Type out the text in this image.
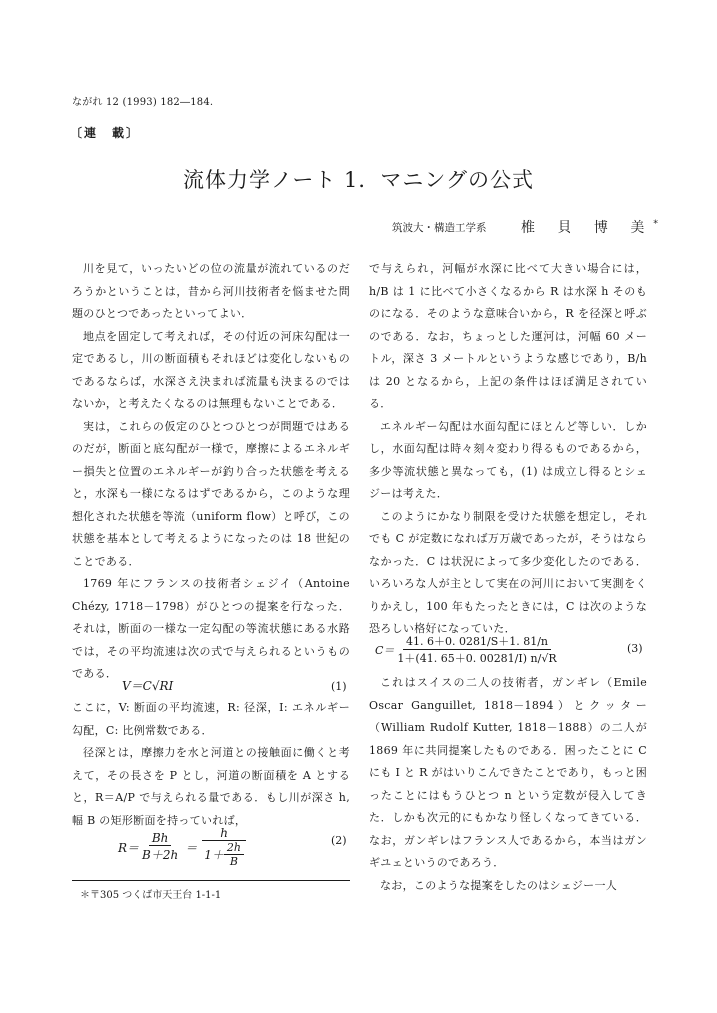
ながれ 12 (1993) 182―184.
〔連　載〕
流体力学ノート 1．マニングの公式
筑波大・構造工学系 椎 貝 博 美*

川を見て，いったいどの位の流量が流れているのだろうかということは，昔から河川技術者を悩ませた問題のひとつであったといってよい．

地点を固定して考えれば，その付近の河床勾配は一定であるし，川の断面積もそれほどは変化しないものであるならば，水深さえ決まれば流量も決まるのではないか，と考えたくなるのは無理もないことである．

実は，これらの仮定のひとつひとつが問題ではあるのだが，断面と底勾配が一様で，摩擦によるエネルギー損失と位置のエネルギーが釣り合った状態を考えると，水深も一様になるはずであるから，このような理想化された状態を等流（uniform flow）と呼び，この状態を基本として考えるようになったのは 18 世紀のことである．

1769 年にフランスの技術者シェジイ（Antoine Chézy, 1718－1798）がひとつの提案を行なった．それは，断面の一様な一定勾配の等流状態にある水路では，その平均流速は次の式で与えられるというものである．

V＝C√RI	(1)

ここに，V: 断面の平均流速，R: 径深，I: エネルギー勾配，C: 比例常数である．

径深とは，摩擦力を水と河道との接触面に働くと考えて，その長さを P とし，河道の断面積を A とすると，R＝A/P で与えられる量である．もし川が深さ h, 幅 B の矩形断面を持っていれば，

$R= \frac{Bh}{B+2h} = \frac{h}{1+ \frac{2h}{B}}$	(2)
＊〒305 つくば市天王台 1-1-1

で与えられ，河幅が水深に比べて大きい場合には，h/B は 1 に比べて小さくなるから R は水深 h そのものになる．そのような意味合いから，R を径深と呼ぶのである．なお，ちょっとした運河は，河幅 60 メートル，深さ 3 メートルというような感じであり，B/h は 20 となるから，上記の条件はほぼ満足されている．

エネルギー勾配は水面勾配にほとんど等しい．しかし，水面勾配は時々刻々変わり得るものであるから，多少等流状態と異なっても，(1) は成立し得るとシェジーは考えた．

このようにかなり制限を受けた状態を想定し，それでも C が定数になれば万万歳であったが，そうはならなかった．C は状況によって多少変化したのである．いろいろな人が主として実在の河川において実測をくりかえし，100 年もたったときには，C は次のような恐ろしい格好になっていた．

$C= \frac{41. 6+0. 0281/S+1. 81/n}{1+(41. 65+0. 00281/I) n/√R}$	(3)

これはスイスの二人の技術者，ガンギレ（Emile Oscar Ganguillet, 1818－1894）とクッター（William Rudolf Kutter, 1818－1888）の二人が 1869 年に共同提案したものである．困ったことに C にも I と R がはいりこんできたことであり，もっと困ったことにはもうひとつ n という定数が侵入してきた．しかも次元的にもかなり怪しくなってきている．なお，ガンギレはフランス人であるから，本当はガンギユェというのであろう．

なお，このような提案をしたのはシェジー一人
